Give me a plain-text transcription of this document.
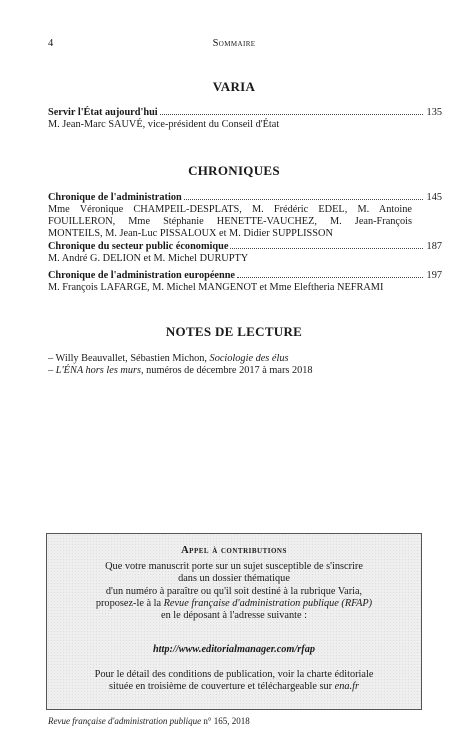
4	Sommaire
VARIA
Servir l'État aujourd'hui	135
M. Jean-Marc SAUVÉ, vice-président du Conseil d'État
CHRONIQUES
Chronique de l'administration	145
Mme Véronique CHAMPEIL-DESPLATS, M. Frédéric EDEL, M. Antoine FOUILLERON, Mme Stéphanie HENETTE-VAUCHEZ, M. Jean-François MONTEILS, M. Jean-Luc PISSALOUX et M. Didier SUPPLISSON
Chronique du secteur public économique	187
M. André G. DELION et M. Michel DURUPTY
Chronique de l'administration européenne	197
M. François LAFARGE, M. Michel MANGENOT et Mme Eleftheria NEFRAMI
NOTES DE LECTURE
– Willy Beauvallet, Sébastien Michon, Sociologie des élus
– L'ÉNA hors les murs, numéros de décembre 2017 à mars 2018
Appel à contributions
Que votre manuscrit porte sur un sujet susceptible de s'inscrire
dans un dossier thématique
d'un numéro à paraître ou qu'il soit destiné à la rubrique Varia,
proposez-le à la Revue française d'administration publique (RFAP)
en le déposant à l'adresse suivante :
http://www.editorialmanager.com/rfap
Pour le détail des conditions de publication, voir la charte éditoriale
située en troisième de couverture et téléchargeable sur ena.fr
Revue française d'administration publique n° 165, 2018
